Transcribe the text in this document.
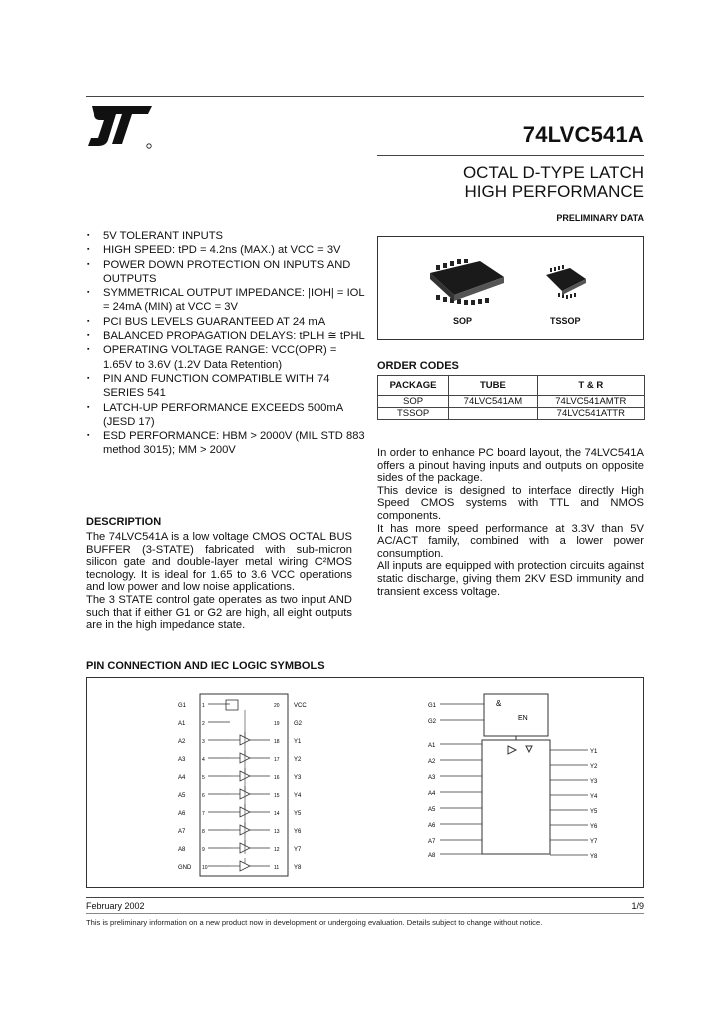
74LVC541A
OCTAL D-TYPE LATCH
HIGH PERFORMANCE
PRELIMINARY DATA
▪ 5V TOLERANT INPUTS
▪ HIGH SPEED: tPD = 4.2ns (MAX.) at VCC = 3V
▪ POWER DOWN PROTECTION ON INPUTS AND OUTPUTS
▪ SYMMETRICAL OUTPUT IMPEDANCE: |IOH| = IOL = 24mA (MIN) at VCC = 3V
▪ PCI BUS LEVELS GUARANTEED AT 24 mA
▪ BALANCED PROPAGATION DELAYS: tPLH ≅ tPHL
▪ OPERATING VOLTAGE RANGE: VCC(OPR) = 1.65V to 3.6V (1.2V Data Retention)
▪ PIN AND FUNCTION COMPATIBLE WITH 74 SERIES 541
▪ LATCH-UP PERFORMANCE EXCEEDS 500mA (JESD 17)
▪ ESD PERFORMANCE: HBM > 2000V (MIL STD 883 method 3015); MM > 200V
SOP	TSSOP
ORDER CODES
PACKAGE	TUBE	T & R
SOP	74LVC541AM	74LVC541AMTR
TSSOP		74LVC541ATTR
In order to enhance PC board layout, the 74LVC541A offers a pinout having inputs and outputs on opposite sides of the package.
This device is designed to interface directly High Speed CMOS systems with TTL and NMOS components.
It has more speed performance at 3.3V than 5V AC/ACT family, combined with a lower power consumption.
All inputs are equipped with protection circuits against static discharge, giving them 2KV ESD immunity and transient excess voltage.
DESCRIPTION
The 74LVC541A is a low voltage CMOS OCTAL BUS BUFFER (3-STATE) fabricated with sub-micron silicon gate and double-layer metal wiring C²MOS tecnology. It is ideal for 1.65 to 3.6 VCC operations and low power and low noise applications.
The 3 STATE control gate operates as two input AND such that if either G1 or G2 are high, all eight outputs are in the high impedance state.
PIN CONNECTION AND IEC LOGIC SYMBOLS
G1	1
A1	2
A2	3
A3	4
A4	5
A5	6
A6	7
A7	8
A8	9
GND 10
VCC
20
G2
19
Y1
18
Y2
17
Y3
16
Y4
15
Y5
14
Y6
13
Y7
12
Y8
11
&
EN
G1
G2
A1
A2
A3
A4
A5
A6
A7
A8
Y1
Y2
Y3
Y4
Y5
Y6
Y7
Y8
February 2002	1/9
This is preliminary information on a new product now in development or undergoing evaluation. Details subject to change without notice.
